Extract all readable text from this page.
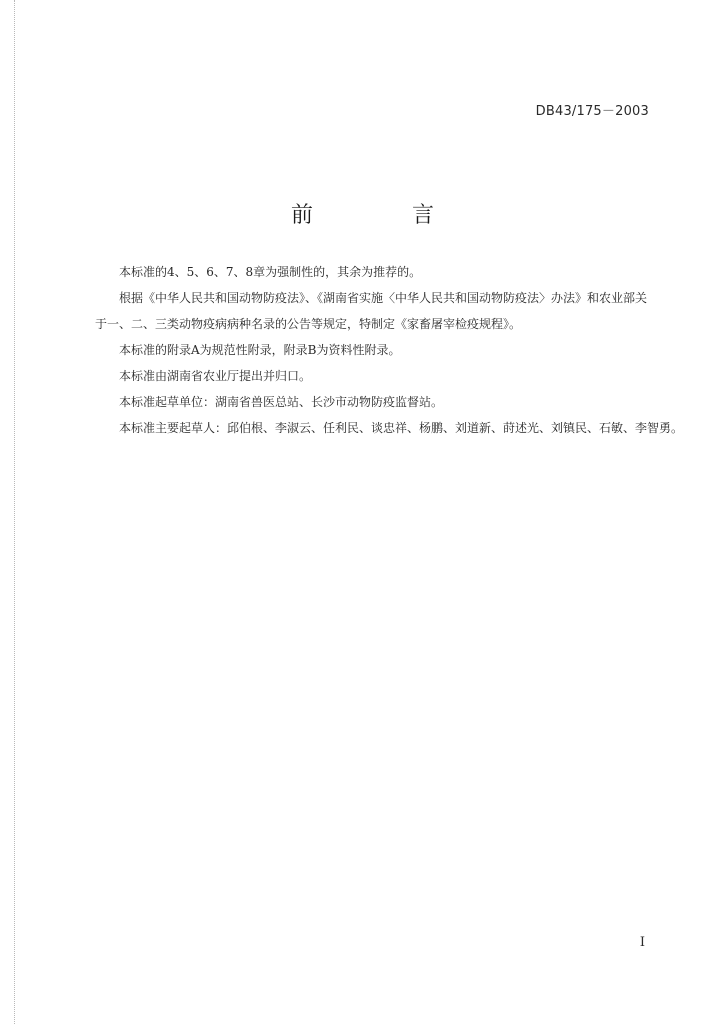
DB43/175－2003
前 言

本标准的4、5、6、7、8章为强制性的，其余为推荐的。

根据《中华人民共和国动物防疫法》、《湖南省实施〈中华人民共和国动物防疫法〉办法》和农业部关于一、二、三类动物疫病病种名录的公告等规定，特制定《家畜屠宰检疫规程》。

本标准的附录A为规范性附录，附录B为资料性附录。

本标准由湖南省农业厅提出并归口。

本标准起草单位：湖南省兽医总站、长沙市动物防疫监督站。

本标准主要起草人：邱伯根、李淑云、任利民、谈忠祥、杨鹏、刘道新、莳述光、刘镇民、石敏、李智勇。

I
